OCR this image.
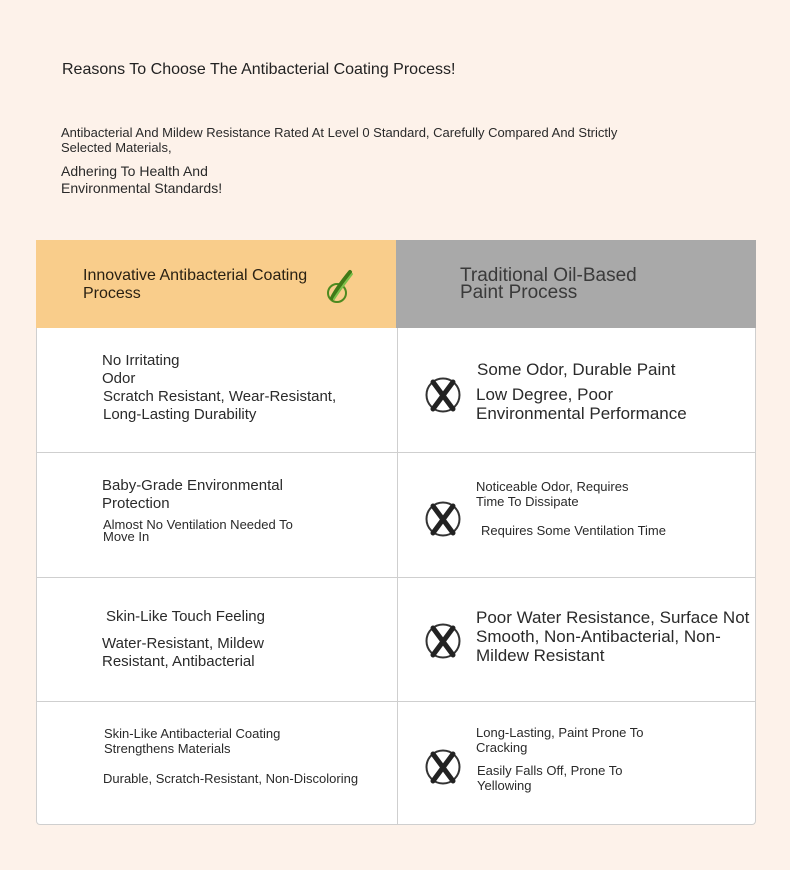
Reasons To Choose The Antibacterial Coating Process!

Antibacterial And Mildew Resistance Rated At Level 0 Standard, Carefully Compared And Strictly Selected Materials,

Adhering To Health And Environmental Standards!

Innovative Antibacterial Coating Process
Traditional Oil-Based Paint Process
No Irritating Odor
Scratch Resistant, Wear-Resistant, Long-Lasting Durability
Some Odor, Durable Paint
Low Degree, Poor Environmental Performance
Baby-Grade Environmental Protection
Almost No Ventilation Needed To Move In
Noticeable Odor, Requires Time To Dissipate
Requires Some Ventilation Time
Skin-Like Touch Feeling
Water-Resistant, Mildew Resistant, Antibacterial
Poor Water Resistance, Surface Not Smooth, Non-Antibacterial, Non-Mildew Resistant
Skin-Like Antibacterial Coating Strengthens Materials
Durable, Scratch-Resistant, Non-Discoloring
Long-Lasting, Paint Prone To Cracking
Easily Falls Off, Prone To Yellowing
